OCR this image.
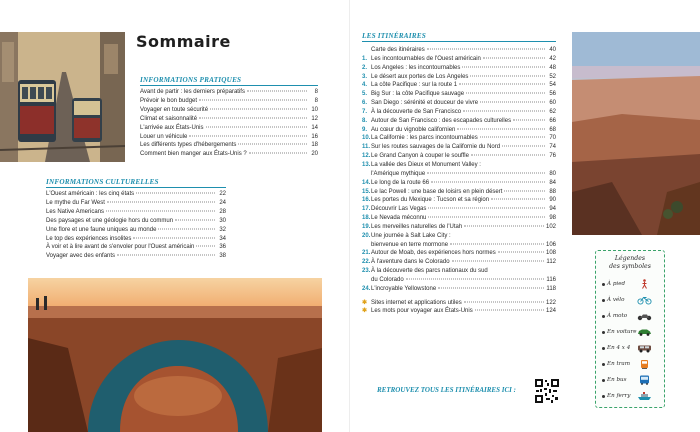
Sommaire
INFORMATIONS PRATIQUES
Avant de partir : les derniers préparatifs	8
Prévoir le bon budget	8
Voyager en toute sécurité	10
Climat et saisonnalité	12
L'arrivée aux États-Unis	14
Louer un véhicule	16
Les différents types d'hébergements	18
Comment bien manger aux États-Unis ?	20
INFORMATIONS CULTURELLES
L'Ouest américain : les cinq états	22
Le mythe du Far West	24
Les Native Americans	28
Des paysages et une géologie hors du commun	30
Une flore et une faune uniques au monde	32
Le top des expériences insolites	34
À voir et à lire avant de s'envoler pour l'Ouest américain	36
Voyager avec des enfants	38
LES ITINÉRAIRES
Carte des itinéraires	40
1. Les incontournables de l'Ouest américain	42
2. Los Angeles : les incontournables	48
3. Le désert aux portes de Los Angeles	52
4. La côte Pacifique : sur la route 1	54
5. Big Sur : la côte Pacifique sauvage	56
6. San Diego : sérénité et douceur de vivre	60
7. À la découverte de San Francisco	62
8. Autour de San Francisco : des escapades culturelles	66
9. Au cœur du vignoble californien	68
10. La Californie : les parcs incontournables	70
11. Sur les routes sauvages de la Californie du Nord	74
12. Le Grand Canyon à couper le souffle	76
13. La vallée des Dieux et Monument Valley :
l'Amérique mythique	80
14. Le long de la route 66	84
15. Le lac Powell : une base de loisirs en plein désert	88
16. Les portes du Mexique : Tucson et sa région	90
17. Découvrir Las Vegas	94
18. Le Nevada méconnu	98
19. Les merveilles naturelles de l'Utah	102
20. Une journée à Salt Lake City :
bienvenue en terre mormone	106
21. Autour de Moab, des expériences hors normes	108
22. À l'aventure dans le Colorado	112
23. À la découverte des parcs nationaux du sud
du Colorado	116
24. L'incroyable Yellowstone	118
✱ Sites internet et applications utiles	122
✱ Les mots pour voyager aux États-Unis	124
RETROUVEZ TOUS LES ITINÉRAIRES ICI :
Légendes
des symboles
À pied
À vélo
À moto
En voiture
En 4 x 4
En tram
En bus
En ferry
